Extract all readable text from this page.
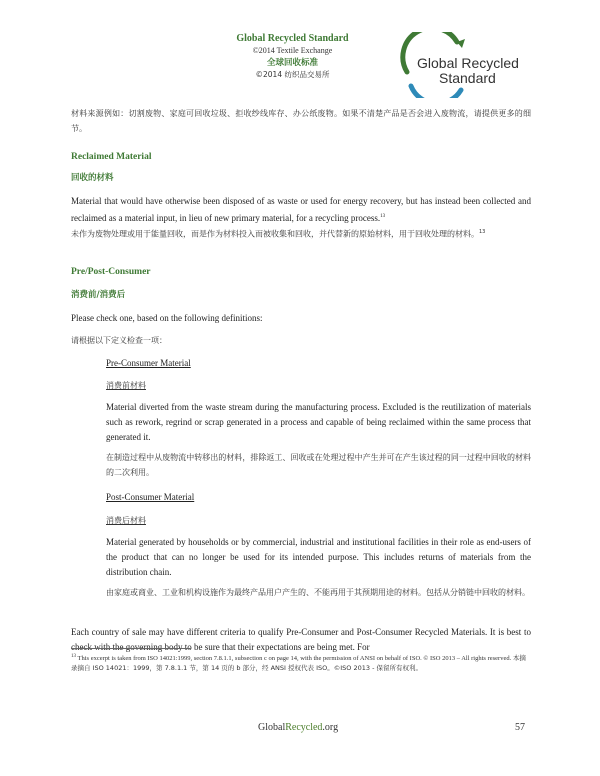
Global Recycled Standard
©2014 Textile Exchange
全球回收标准
©2014 纺织品交易所
Global Recycled
Standard
材料来源例如：切割废物、家庭可回收垃圾、拒收纱线库存、办公纸废物。如果不清楚产品是否会进入废物流，请提供更多的细节。
Reclaimed Material
回收的材料
Material that would have otherwise been disposed of as waste or used for energy recovery, but has instead been collected and reclaimed as a material input, in lieu of new primary material, for a recycling process.$^{13}$
未作为废物处理或用于能量回收，而是作为材料投入而被收集和回收，并代替新的原始材料，用于回收处理的材料。$^{13}$
Pre/Post-Consumer
消费前/消费后
Please check one, based on the following definitions:
请根据以下定义检查一项：
Pre-Consumer Material
消费前材料
Material diverted from the waste stream during the manufacturing process. Excluded is the reutilization of materials such as rework, regrind or scrap generated in a process and capable of being reclaimed within the same process that generated it.
在制造过程中从废物流中转移出的材料，排除返工、回收或在处理过程中产生并可在产生该过程的同一过程中回收的材料的二次利用。
Post-Consumer Material
消费后材料
Material generated by households or by commercial, industrial and institutional facilities in their role as end-users of the product that can no longer be used for its intended purpose. This includes returns of materials from the distribution chain.
由家庭或商业、工业和机构设施作为最终产品用户产生的、不能再用于其预期用途的材料。包括从分销链中回收的材料。
Each country of sale may have different criteria to qualify Pre-Consumer and Post-Consumer Recycled Materials. It is best to check with the governing body to be sure that their expectations are being met. For
$^{13}$ This excerpt is taken from ISO 14021:1999, section 7.8.1.1, subsection c on page 14, with the permission of ANSI on behalf of ISO. © ISO 2013 – All rights reserved. 本摘录摘自 ISO 14021：1999，第 7.8.1.1 节，第 14 页的 b 部分，经 ANSI 授权代表 ISO。©ISO 2013 - 保留所有权利。
GlobalRecycled.org	57
